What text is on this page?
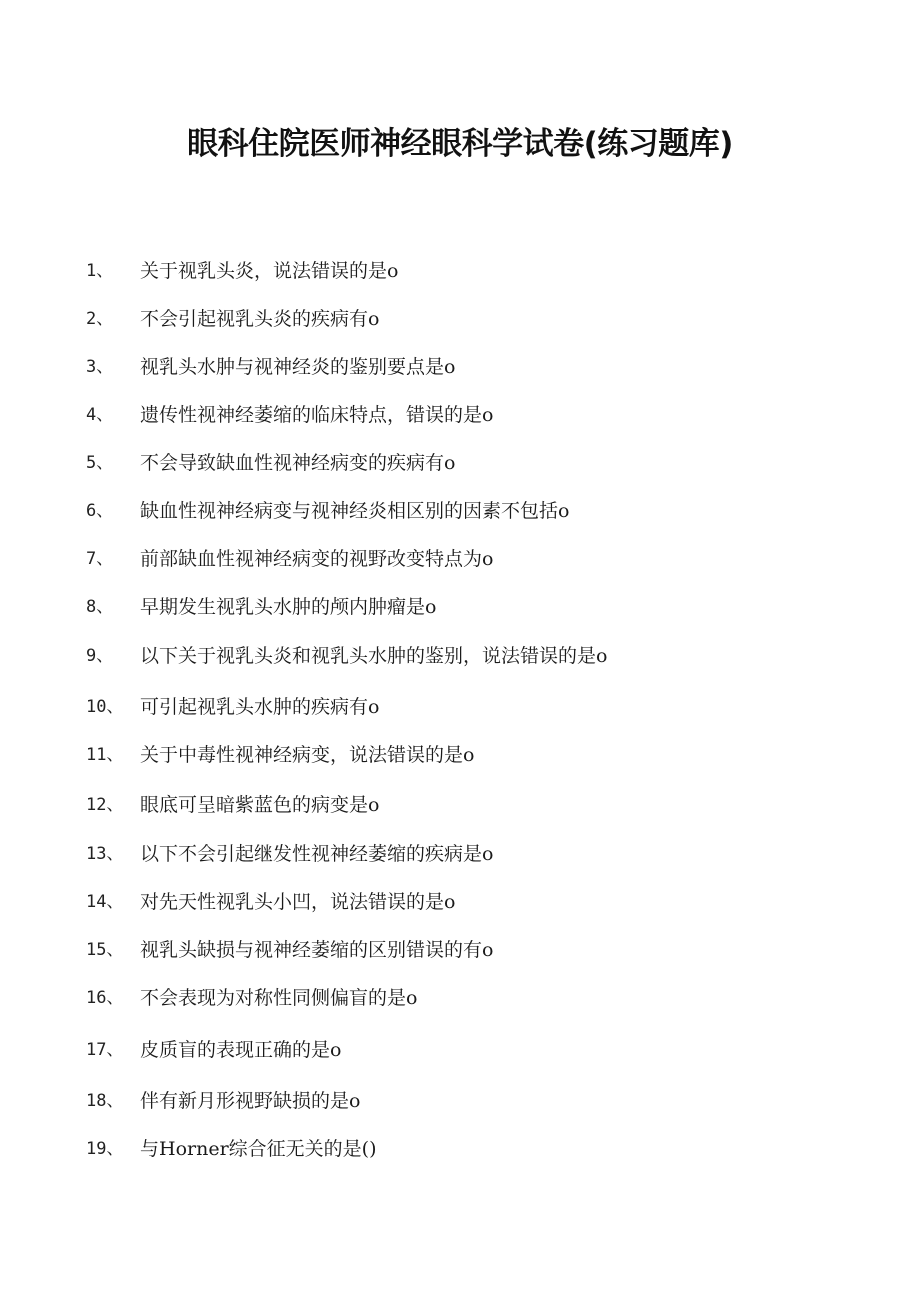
眼科住院医师神经眼科学试卷(练习题库)
1、 关于视乳头炎，说法错误的是ο
2、 不会引起视乳头炎的疾病有ο
3、 视乳头水肿与视神经炎的鉴别要点是ο
4、 遗传性视神经萎缩的临床特点，错误的是ο
5、 不会导致缺血性视神经病变的疾病有ο
6、 缺血性视神经病变与视神经炎相区别的因素不包括ο
7、 前部缺血性视神经病变的视野改变特点为ο
8、 早期发生视乳头水肿的颅内肿瘤是ο
9、 以下关于视乳头炎和视乳头水肿的鉴别，说法错误的是ο
10、 可引起视乳头水肿的疾病有ο
11、 关于中毒性视神经病变，说法错误的是ο
12、 眼底可呈暗紫蓝色的病变是ο
13、 以下不会引起继发性视神经萎缩的疾病是ο
14、 对先天性视乳头小凹，说法错误的是ο
15、 视乳头缺损与视神经萎缩的区别错误的有ο
16、 不会表现为对称性同侧偏盲的是ο
17、 皮质盲的表现正确的是ο
18、 伴有新月形视野缺损的是ο
19、 与Horner综合征无关的是()
